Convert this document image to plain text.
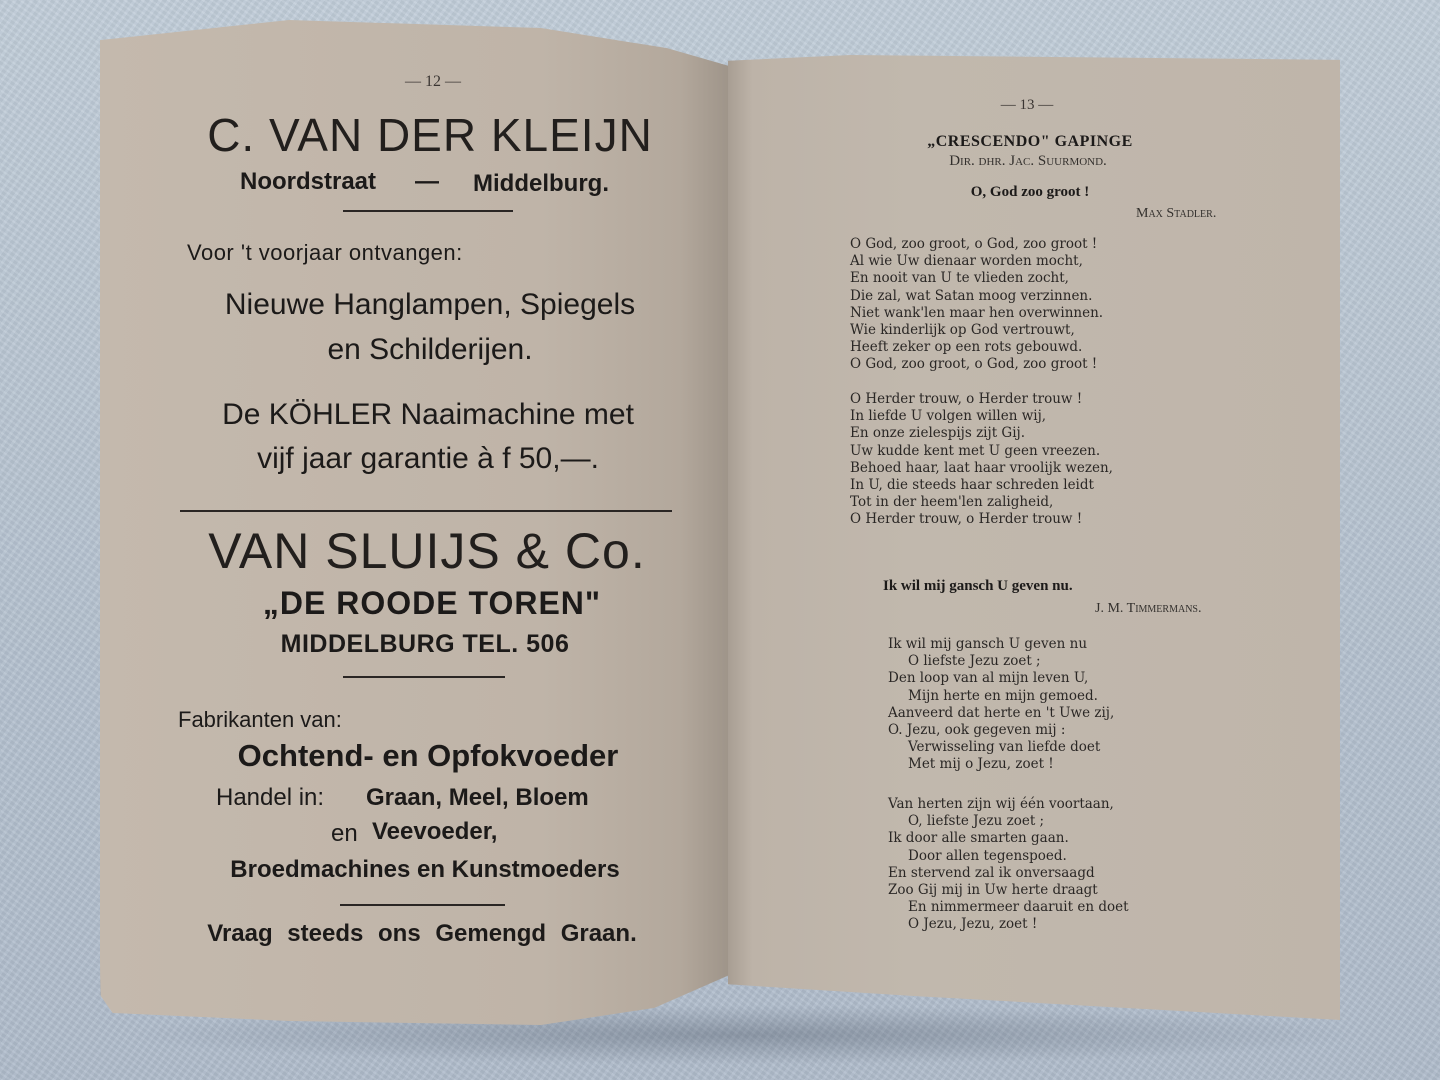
— 12 —
C. VAN DER KLEIJN
Noordstraat — Middelburg.
Voor 't voorjaar ontvangen:
Nieuwe Hanglampen, Spiegels
en Schilderijen.
De KÖHLER Naaimachine met
vijf jaar garantie à f 50,—.
VAN SLUIJS & Co.
„DE ROODE TOREN"
MIDDELBURG TEL. 506
Fabrikanten van:
Ochtend- en Opfokvoeder
Handel in: Graan, Meel, Bloem
en Veevoeder,
Broedmachines en Kunstmoeders
Vraag steeds ons Gemengd Graan.
— 13 —
„CRESCENDO" GAPINGE
Dir. dhr. Jac. Suurmond.
O, God zoo groot !
Max Stadler.
O God, zoo groot, o God, zoo groot !
Al wie Uw dienaar worden mocht,
En nooit van U te vlieden zocht,
Die zal, wat Satan moog verzinnen.
Niet wank'len maar hen overwinnen.
Wie kinderlijk op God vertrouwt,
Heeft zeker op een rots gebouwd.
O God, zoo groot, o God, zoo groot !
O Herder trouw, o Herder trouw !
In liefde U volgen willen wij,
En onze zielespijs zijt Gij.
Uw kudde kent met U geen vreezen.
Behoed haar, laat haar vroolijk wezen,
In U, die steeds haar schreden leidt
Tot in der heem'len zaligheid,
O Herder trouw, o Herder trouw !
Ik wil mij gansch U geven nu.
J. M. Timmermans.
Ik wil mij gansch U geven nu
O liefste Jezu zoet ;
Den loop van al mijn leven U,
Mijn herte en mijn gemoed.
Aanveerd dat herte en 't Uwe zij,
O. Jezu, ook gegeven mij :
Verwisseling van liefde doet
Met mij o Jezu, zoet !
Van herten zijn wij één voortaan,
O, liefste Jezu zoet ;
Ik door alle smarten gaan.
Door allen tegenspoed.
En stervend zal ik onversaagd
Zoo Gij mij in Uw herte draagt
En nimmermeer daaruit en doet
O Jezu, Jezu, zoet !
